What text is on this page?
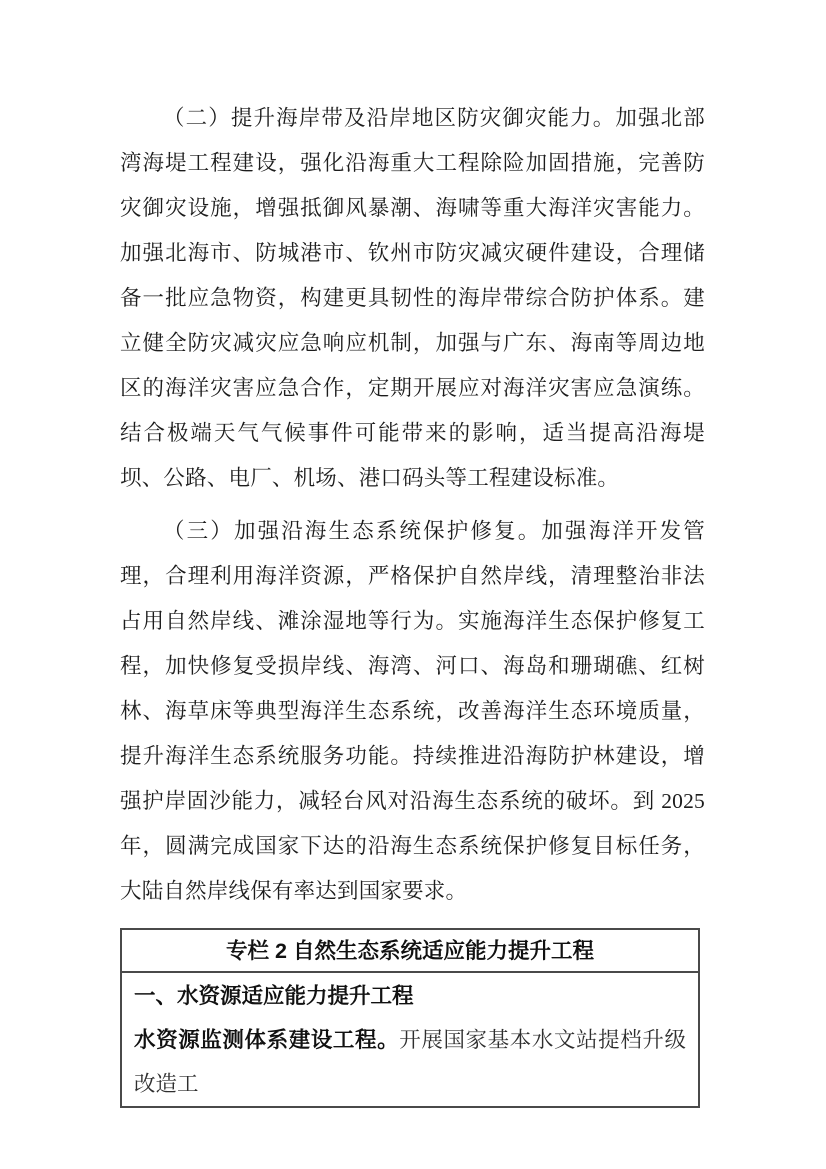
（二）提升海岸带及沿岸地区防灾御灾能力。加强北部湾海堤工程建设，强化沿海重大工程除险加固措施，完善防灾御灾设施，增强抵御风暴潮、海啸等重大海洋灾害能力。加强北海市、防城港市、钦州市防灾减灾硬件建设，合理储备一批应急物资，构建更具韧性的海岸带综合防护体系。建立健全防灾减灾应急响应机制，加强与广东、海南等周边地区的海洋灾害应急合作，定期开展应对海洋灾害应急演练。结合极端天气气候事件可能带来的影响，适当提高沿海堤坝、公路、电厂、机场、港口码头等工程建设标准。

（三）加强沿海生态系统保护修复。加强海洋开发管理，合理利用海洋资源，严格保护自然岸线，清理整治非法占用自然岸线、滩涂湿地等行为。实施海洋生态保护修复工程，加快修复受损岸线、海湾、河口、海岛和珊瑚礁、红树林、海草床等典型海洋生态系统，改善海洋生态环境质量，提升海洋生态系统服务功能。持续推进沿海防护林建设，增强护岸固沙能力，减轻台风对沿海生态系统的破坏。到 2025 年，圆满完成国家下达的沿海生态系统保护修复目标任务，大陆自然岸线保有率达到国家要求。

专栏 2 自然生态系统适应能力提升工程
一、水资源适应能力提升工程
水资源监测体系建设工程。开展国家基本水文站提档升级改造工
